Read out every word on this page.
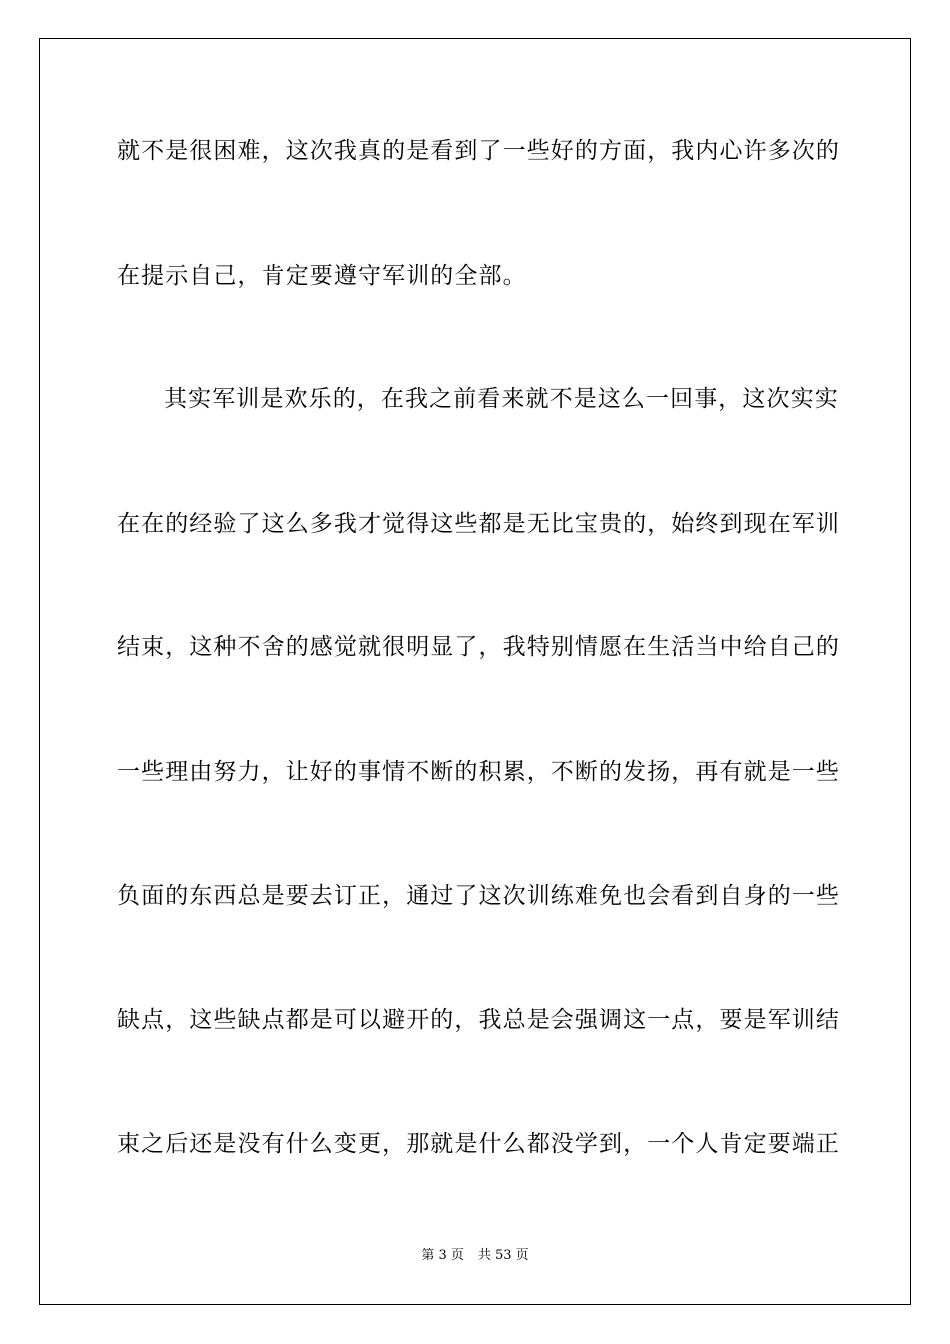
就不是很困难，这次我真的是看到了一些好的方面，我内心许多次的
在提示自己，肯定要遵守军训的全部。
其实军训是欢乐的，在我之前看来就不是这么一回事，这次实实
在在的经验了这么多我才觉得这些都是无比宝贵的，始终到现在军训
结束，这种不舍的感觉就很明显了，我特别情愿在生活当中给自己的
一些理由努力，让好的事情不断的积累，不断的发扬，再有就是一些
负面的东西总是要去订正，通过了这次训练难免也会看到自身的一些
缺点，这些缺点都是可以避开的，我总是会强调这一点，要是军训结
束之后还是没有什么变更，那就是什么都没学到，一个人肯定要端正
第 3 页 共 53 页
